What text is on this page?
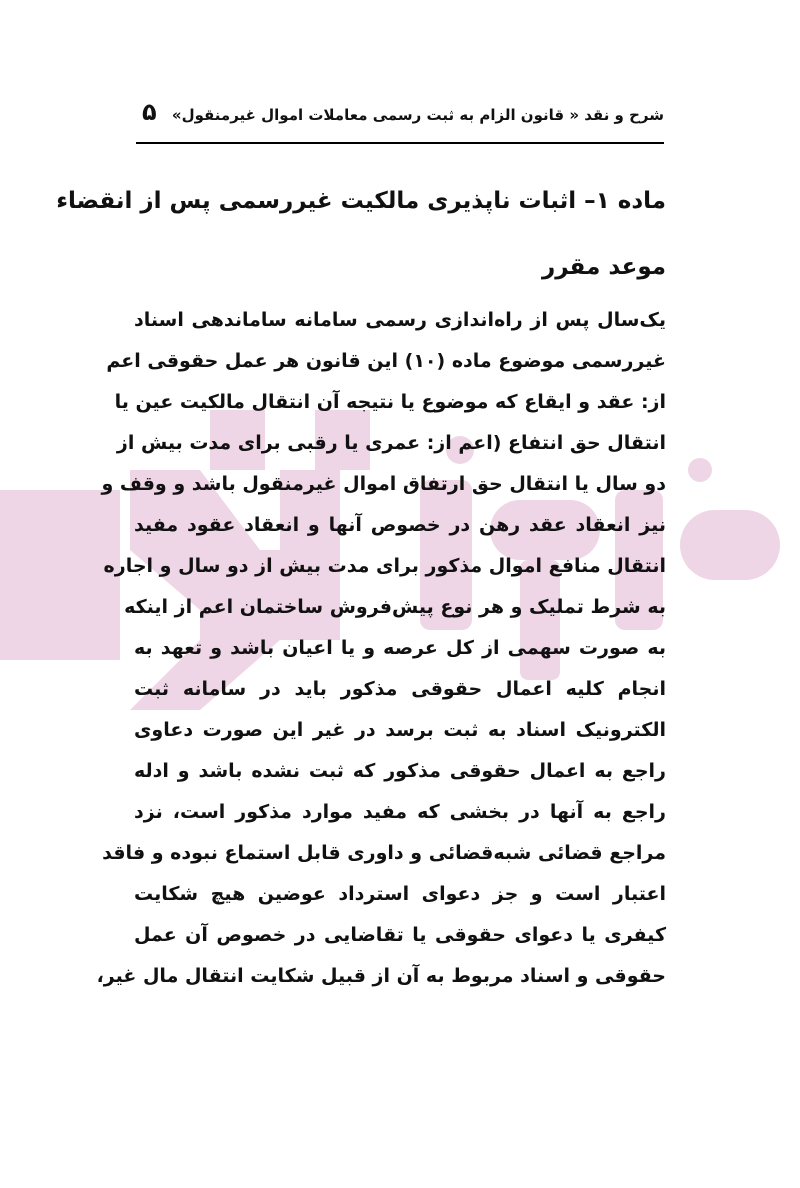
شرح و نقد « قانون الزام به ثبت رسمی معاملات اموال غیرمنقول»
۵
ماده ۱– اثبات ناپذیری مالکیت غیررسمی پس از انقضاء
موعد مقرر

یک‌سال پس از راه‌اندازی رسمی سامانه ساماندهی اسناد
غیررسمی موضوع ماده (۱۰) این قانون هر عمل حقوقی اعم
از: عقد و ایقاع که موضوع یا نتیجه آن انتقال مالکیت عین یا
انتقال حق انتفاع (اعم از: عمری یا رقبی برای مدت بیش از
دو سال یا انتقال حق ارتفاق اموال غیرمنقول باشد و وقف و
نیز انعقاد عقد رهن در خصوص آنها و انعقاد عقود مفید
انتقال منافع اموال مذکور برای مدت بیش از دو سال و اجاره
به شرط تملیک و هر نوع پیش‌فروش ساختمان اعم از اینکه
به صورت سهمی از کل عرصه و یا اعیان باشد و تعهد به
انجام کلیه اعمال حقوقی مذکور باید در سامانه ثبت
الکترونیک اسناد به ثبت برسد در غیر این صورت دعاوی
راجع به اعمال حقوقی مذکور که ثبت نشده باشد و ادله
راجع به آنها در بخشی که مفید موارد مذکور است، نزد
مراجع قضائی شبه‌قضائی و داوری قابل استماع نبوده و فاقد
اعتبار است و جز دعوای استرداد عوضین هیچ شکایت
کیفری یا دعوای حقوقی یا تقاضایی در خصوص آن عمل
حقوقی و اسناد مربوط به آن از قبیل شکایت انتقال مال غیر،
